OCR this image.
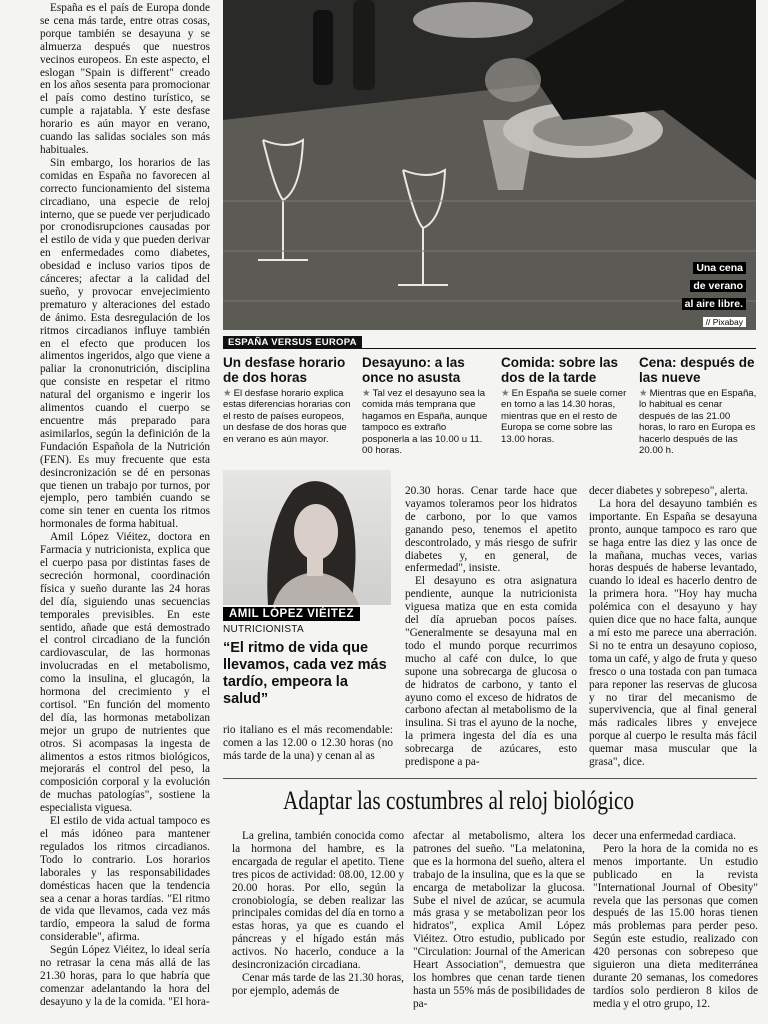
España es el país de Europa donde se cena más tarde, entre otras cosas, porque también se desayuna y se almuerza después que nuestros vecinos europeos. En este aspecto, el eslogan "Spain is different" creado en los años sesenta para promocionar el país como destino turístico, se cumple a rajatabla. Y este desfase horario es aún mayor en verano, cuando las salidas sociales son más habituales.

Sin embargo, los horarios de las comidas en España no favorecen al correcto funcionamiento del sistema circadiano, una especie de reloj interno, que se puede ver perjudicado por cronodisrupciones causadas por el estilo de vida y que pueden derivar en enfermedades como diabetes, obesidad e incluso varios tipos de cánceres; afectar a la calidad del sueño, y provocar envejecimiento prematuro y alteraciones del estado de ánimo. Esta desregulación de los ritmos circadianos influye también en el efecto que producen los alimentos ingeridos, algo que viene a paliar la crononutrición, disciplina que consiste en respetar el ritmo natural del organismo e ingerir los alimentos cuando el cuerpo se encuentre más preparado para asimilarlos, según la definición de la Fundación Española de la Nutrición (FEN). Es muy frecuente que esta desincronización se dé en personas que tienen un trabajo por turnos, por ejemplo, pero también cuando se come sin tener en cuenta los ritmos hormonales de forma habitual.

Amil López Viéitez, doctora en Farmacia y nutricionista, explica que el cuerpo pasa por distintas fases de secreción hormonal, coordinación física y sueño durante las 24 horas del día, siguiendo unas secuencias temporales previsibles. En este sentido, añade que está demostrado el control circadiano de la función cardiovascular, de las hormonas involucradas en el metabolismo, como la insulina, el glucagón, la hormona del crecimiento y el cortisol. "En función del momento del día, las hormonas metabolizan mejor un grupo de nutrientes que otros. Si acompasas la ingesta de alimentos a estos ritmos biológicos, mejorarás el control del peso, la composición corporal y la evolución de muchas patologías", sostiene la especialista viguesa.

El estilo de vida actual tampoco es el más idóneo para mantener regulados los ritmos circadianos. Todo lo contrario. Los horarios laborales y las responsabilidades domésticas hacen que la tendencia sea a cenar a horas tardías. "El ritmo de vida que llevamos, cada vez más tardío, empeora la salud de forma considerable", afirma.

Según López Viéitez, lo ideal sería no retrasar la cena más allá de las 21.30 horas, para lo que habría que comenzar adelantando la hora del desayuno y la de la comida. "El hora-

Una cena
de verano
al aire libre.
// Pixabay
ESPAÑA VERSUS EUROPA
Un desfase horario de dos horas

★ El desfase horario explica estas diferencias horarias con el resto de países europeos, un desfase de dos horas que en verano es aún mayor.

Desayuno: a las once no asusta

★ Tal vez el desayuno sea la comida más temprana que hagamos en España, aunque tampoco es extraño posponerla a las 10.00 u 11. 00 horas.

Comida: sobre las dos de la tarde

★ En España se suele comer en torno a las 14.30 horas, mientras que en el resto de Europa se come sobre las 13.00 horas.

Cena: después de las nueve

★ Mientras que en España, lo habitual es cenar después de las 21.00 horas, lo raro en Europa es hacerlo después de las 20.00 h.

AMIL LÓPEZ VIÉITEZ
NUTRICIONISTA
“El ritmo de vida que llevamos, cada vez más tardío, empeora la salud”

rio italiano es el más recomendable: comen a las 12.00 o 12.30 horas (no más tarde de la una) y cenan al as

20.30 horas. Cenar tarde hace que vayamos toleramos peor los hidratos de carbono, por lo que vamos ganando peso, tenemos el apetito descontrolado, y más riesgo de sufrir diabetes y, en general, de enfermedad", insiste.

El desayuno es otra asignatura pendiente, aunque la nutricionista viguesa matiza que en esta comida del día aprueban pocos países. "Generalmente se desayuna mal en todo el mundo porque recurrimos mucho al café con dulce, lo que supone una sobrecarga de glucosa o de hidratos de carbono, y tanto el ayuno como el exceso de hidratos de carbono afectan al metabolismo de la insulina. Si tras el ayuno de la noche, la primera ingesta del día es una sobrecarga de azúcares, esto predispone a pa-

decer diabetes y sobrepeso", alerta.

La hora del desayuno también es importante. En España se desayuna pronto, aunque tampoco es raro que se haga entre las diez y las once de la mañana, muchas veces, varias horas después de haberse levantado, cuando lo ideal es hacerlo dentro de la primera hora. "Hoy hay mucha polémica con el desayuno y hay quien dice que no hace falta, aunque a mí esto me parece una aberración. Si no te entra un desayuno copioso, toma un café, y algo de fruta y queso fresco o una tostada con pan tumaca para reponer las reservas de glucosa y no tirar del mecanismo de supervivencia, que al final general más radicales libres y envejece porque al cuerpo le resulta más fácil quemar masa muscular que la grasa", dice.

Adaptar las costumbres al reloj biológico

La grelina, también conocida como la hormona del hambre, es la encargada de regular el apetito. Tiene tres picos de actividad: 08.00, 12.00 y 20.00 horas. Por ello, según la cronobiología, se deben realizar las principales comidas del día en torno a estas horas, ya que es cuando el páncreas y el hígado están más activos. No hacerlo, conduce a la desincronización circadiana.

Cenar más tarde de las 21.30 horas, por ejemplo, además de

afectar al metabolismo, altera los patrones del sueño. "La melatonina, que es la hormona del sueño, altera el trabajo de la insulina, que es la que se encarga de metabolizar la glucosa. Sube el nivel de azúcar, se acumula más grasa y se metabolizan peor los hidratos", explica Amil López Viéitez. Otro estudio, publicado por "Circulation: Journal of the American Heart Association", demuestra que los hombres que cenan tarde tienen hasta un 55% más de posibilidades de pa-

decer una enfermedad cardiaca.

Pero la hora de la comida no es menos importante. Un estudio publicado en la revista "International Journal of Obesity" revela que las personas que comen después de las 15.00 horas tienen más problemas para perder peso. Según este estudio, realizado con 420 personas con sobrepeso que siguieron una dieta mediterránea durante 20 semanas, los comedores tardíos solo perdieron 8 kilos de media y el otro grupo, 12.
